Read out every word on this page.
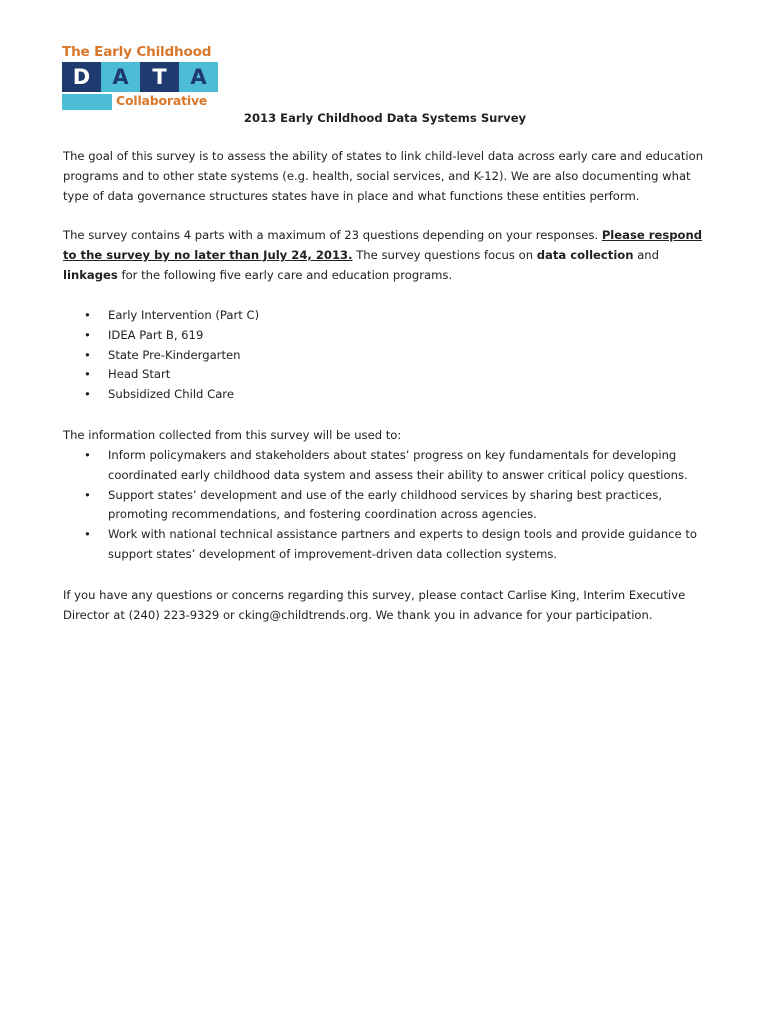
The Early Childhood
D	A	T	A
Collaborative
2013 Early Childhood Data Systems Survey

The goal of this survey is to assess the ability of states to link child-level data across early care and education programs and to other state systems (e.g. health, social services, and K-12). We are also documenting what type of data governance structures states have in place and what functions these entities perform.

The survey contains 4 parts with a maximum of 23 questions depending on your responses. Please respond to the survey by no later than July 24, 2013. The survey questions focus on data collection and linkages for the following five early care and education programs.

• Early Intervention (Part C)
• IDEA Part B, 619
• State Pre-Kindergarten
• Head Start
• Subsidized Child Care

The information collected from this survey will be used to:

• Inform policymakers and stakeholders about states’ progress on key fundamentals for developing coordinated early childhood data system and assess their ability to answer critical policy questions.
• Support states’ development and use of the early childhood services by sharing best practices, promoting recommendations, and fostering coordination across agencies.
• Work with national technical assistance partners and experts to design tools and provide guidance to support states’ development of improvement-driven data collection systems.

If you have any questions or concerns regarding this survey, please contact Carlise King, Interim Executive Director at (240) 223-9329 or cking@childtrends.org. We thank you in advance for your participation.
